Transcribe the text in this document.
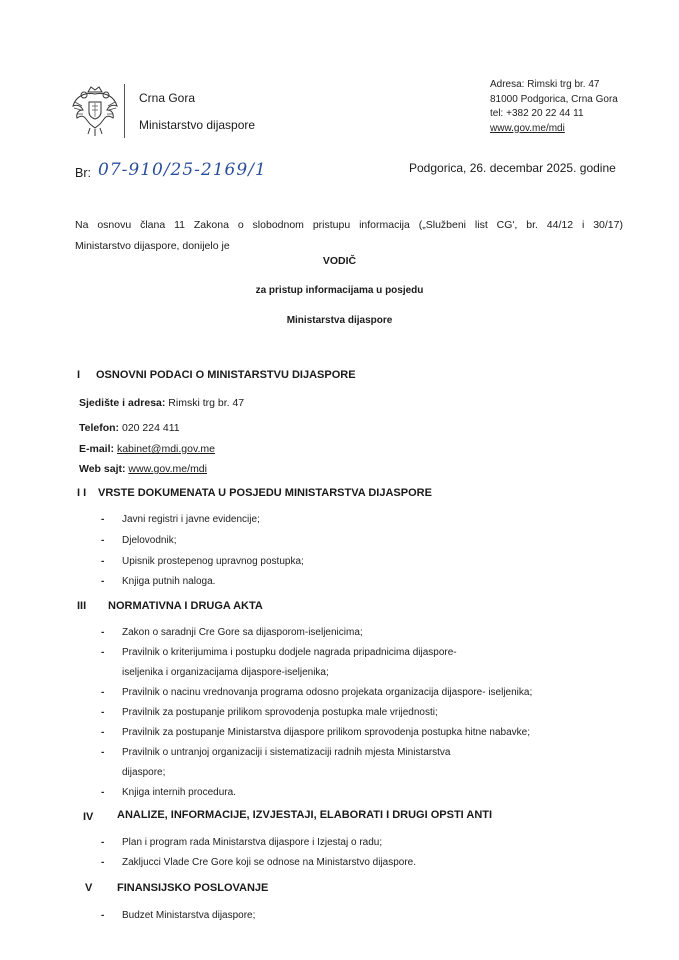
Crna Gora
Ministarstvo dijaspore
Adresa: Rimski trg br. 47
81000 Podgorica, Crna Gora
tel: +382 20 22 44 11
www.gov.me/mdi
Br: 07-910/25-2169/1	Podgorica, 26. decembar 2025. godine
Na osnovu člana 11 Zakona o slobodnom pristupu informacija („Službeni list CG', br. 44/12 i 30/17)
Ministarstvo dijaspore, donijelo je
VODIČ
za pristup informacijama u posjedu
Ministarstva dijaspore
I OSNOVNI PODACI O MINISTARSTVU DIJASPORE
Sjedište i adresa: Rimski trg br. 47
Telefon: 020 224 411
E-mail: kabinet@mdi.gov.me
Web sajt: www.gov.me/mdi
I I VRSTE DOKUMENATA U POSJEDU MINISTARSTVA DIJASPORE
- Javni registri i javne evidencije;
- Djelovodnik;
- Upisnik prostepenog upravnog postupka;
- Knjiga putnih naloga.
III NORMATIVNA I DRUGA AKTA
- Zakon o saradnji Cre Gore sa dijasporom-iseljenicima;
- Pravilnik o kriterijumima i postupku dodjele nagrada pripadnicima dijaspore-
iseljenika i organizacijama dijaspore-iseljenika;
- Pravilnik o nacinu vrednovanja programa odosno projekata organizacija dijaspore- iseljenika;
- Pravilnik za postupanje prilikom sprovodenja postupka male vrijednosti;
- Pravilnik za postupanje Ministarstva dijaspore prilikom sprovodenja postupka hitne nabavke;
- Pravilnik o untranjoj organizaciji i sistematizaciji radnih mjesta Ministarstva
dijaspore;
- Knjiga internih procedura.
IV ANALIZE, INFORMACIJE, IZVJESTAJI, ELABORATI I DRUGI OPSTI ANTI
- Plan i program rada Ministarstva dijaspore i Izjestaj o radu;
- Zaklјucci Vlade Cre Gore koji se odnose na Ministarstvo dijaspore.
V FINANSIJSKO POSLOVANJE
- Budzet Ministarstva dijaspore;
